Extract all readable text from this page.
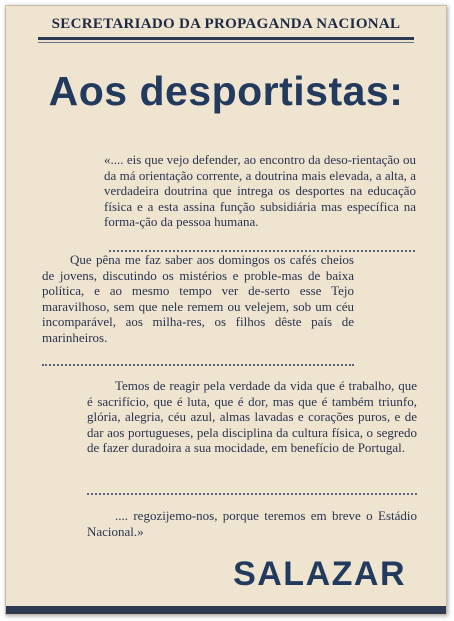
SECRETARIADO DA PROPAGANDA NACIONAL
Aos desportistas:

«.... eis que vejo defender, ao encontro da deso-rientação ou da má orientação corrente, a doutrina mais elevada, a alta, a verdadeira doutrina que intrega os desportes na educação física e a esta assina função subsidiária mas específica na forma-ção da pessoa humana.

Que pêna me faz saber aos domingos os cafés cheios de jovens, discutindo os mistérios e proble-mas de baixa política, e ao mesmo tempo ver de-serto esse Tejo maravilhoso, sem que nele remem ou velejem, sob um céu incomparável, aos milha-res, os filhos dêste país de marinheiros.

Temos de reagir pela verdade da vida que é trabalho, que é sacrifício, que é luta, que é dor, mas que é também triunfo, glória, alegria, céu azul, almas lavadas e corações puros, e de dar aos portugueses, pela disciplina da cultura física, o segredo de fazer duradoira a sua mocidade, em benefício de Portugal.

.... regozijemo-nos, porque teremos em breve o Estádio Nacional.»

SALAZAR
